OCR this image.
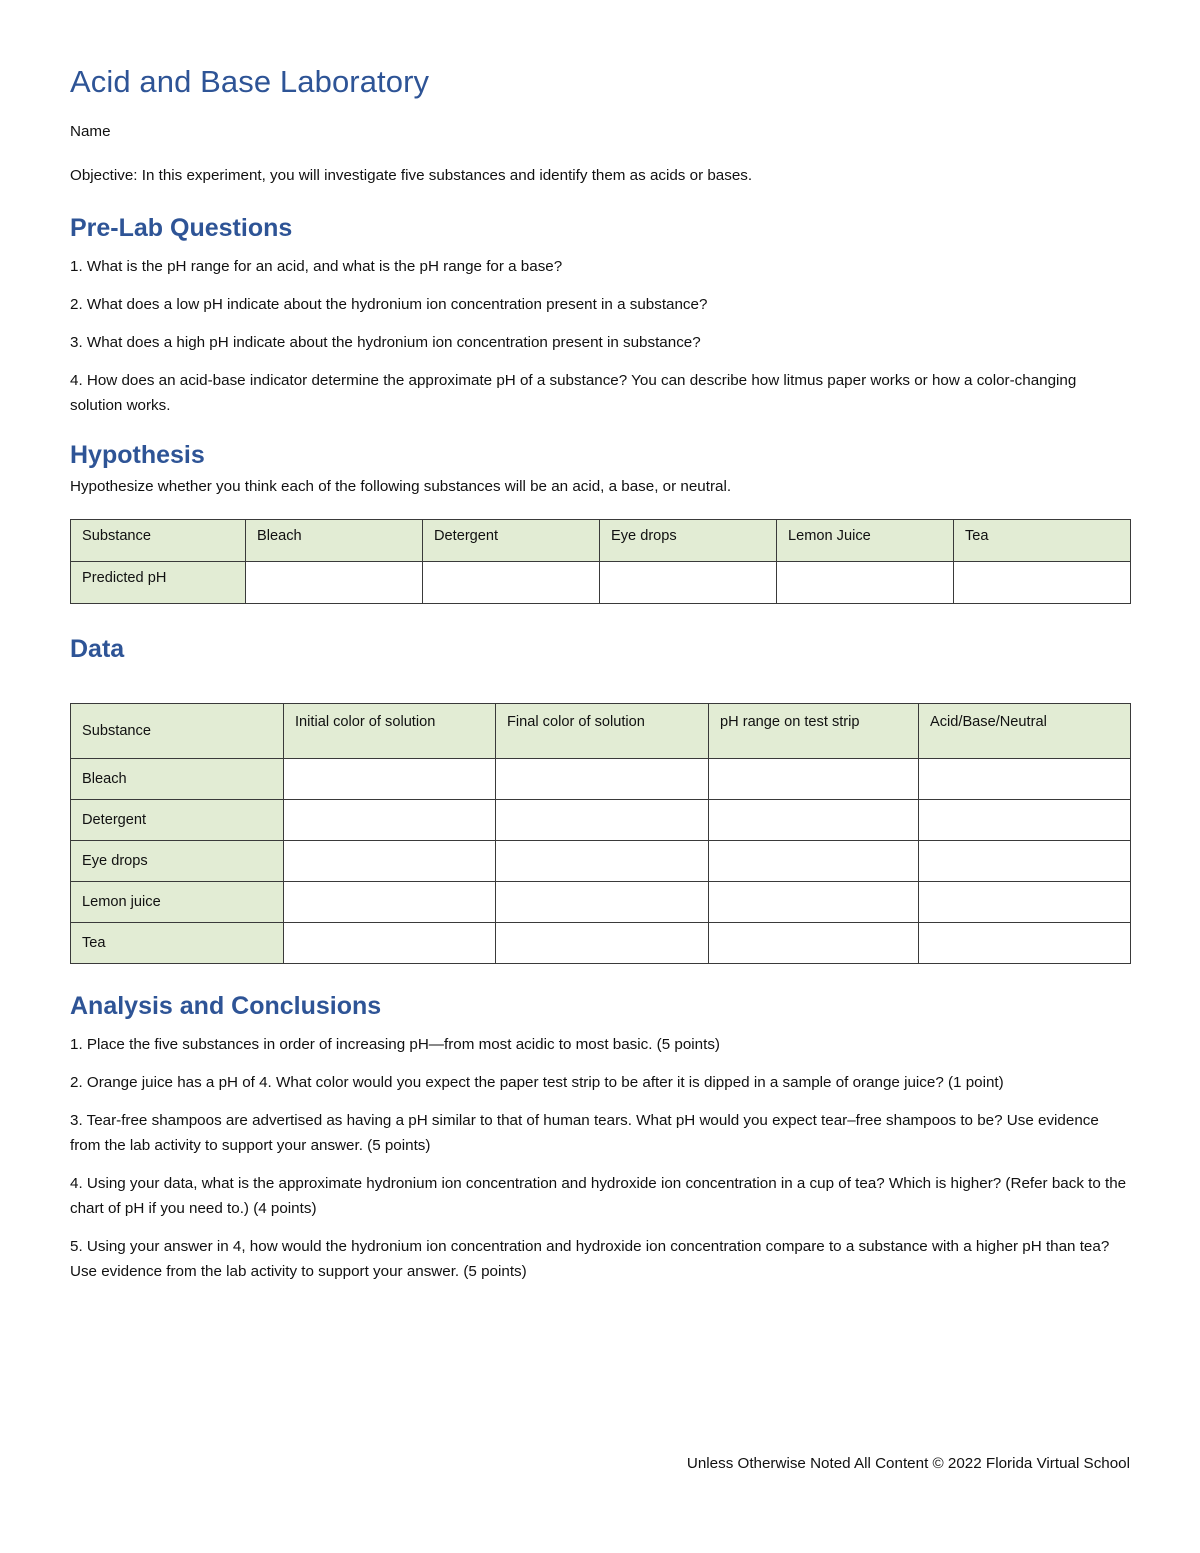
Acid and Base Laboratory

Name

Objective: In this experiment, you will investigate five substances and identify them as acids or bases.

Pre-Lab Questions

1. What is the pH range for an acid, and what is the pH range for a base?

2. What does a low pH indicate about the hydronium ion concentration present in a substance?

3. What does a high pH indicate about the hydronium ion concentration present in substance?

4. How does an acid-base indicator determine the approximate pH of a substance? You can describe how litmus paper works or how a color-changing solution works.

Hypothesis

Hypothesize whether you think each of the following substances will be an acid, a base, or neutral.

Substance	Bleach	Detergent	Eye drops	Lemon Juice	Tea
Predicted pH					
Data
Substance	Initial color of solution	Final color of solution	pH range on test strip	Acid/Base/Neutral
Bleach				
Detergent				
Eye drops				
Lemon juice				
Tea				
Analysis and Conclusions

1. Place the five substances in order of increasing pH—from most acidic to most basic. (5 points)

2. Orange juice has a pH of 4. What color would you expect the paper test strip to be after it is dipped in a sample of orange juice? (1 point)

3. Tear-free shampoos are advertised as having a pH similar to that of human tears. What pH would you expect tear–free shampoos to be? Use evidence from the lab activity to support your answer. (5 points)

4. Using your data, what is the approximate hydronium ion concentration and hydroxide ion concentration in a cup of tea? Which is higher? (Refer back to the chart of pH if you need to.) (4 points)

5. Using your answer in 4, how would the hydronium ion concentration and hydroxide ion concentration compare to a substance with a higher pH than tea? Use evidence from the lab activity to support your answer. (5 points)

Unless Otherwise Noted All Content © 2022 Florida Virtual School
